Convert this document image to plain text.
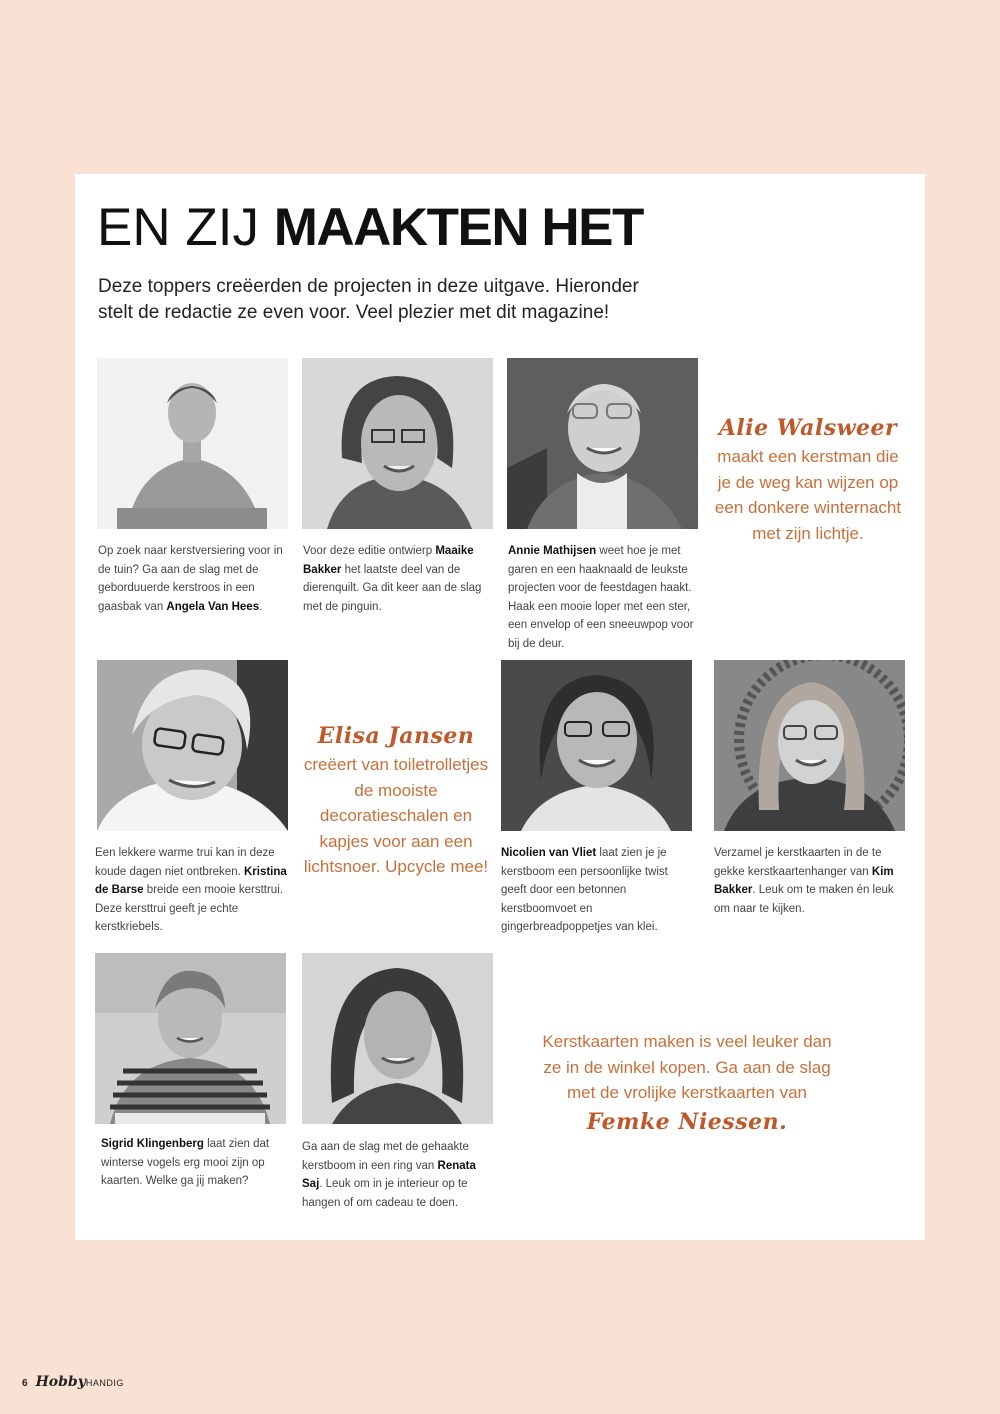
EN ZIJ MAAKTEN HET

Deze toppers creëerden de projecten in deze uitgave. Hieronder stelt de redactie ze even voor. Veel plezier met dit magazine!

Alie Walsweer
maakt een kerstman die je de weg kan wijzen op een donkere winternacht met zijn lichtje.

Op zoek naar kerstversiering voor in de tuin? Ga aan de slag met de geborduuerde kerstroos in een gaasbak van Angela Van Hees.

Voor deze editie ontwierp Maaike Bakker het laatste deel van de dierenquilt. Ga dit keer aan de slag met de pinguin.

Annie Mathijsen weet hoe je met garen en een haaknaald de leukste projecten voor de feestdagen haakt. Haak een mooie loper met een ster, een envelop of een sneeuwpop voor bij de deur.

Elisa Jansen
creëert van toiletrolletjes de mooiste decoratieschalen en kapjes voor aan een lichtsnoer. Upcycle mee!

Een lekkere warme trui kan in deze koude dagen niet ontbreken. Kristina de Barse breide een mooie kersttrui. Deze kersttrui geeft je echte kerstkriebels.

Nicolien van Vliet laat zien je je kerstboom een persoonlijke twist geeft door een betonnen kerstboomvoet en gingerbreadpoppetjes van klei.

Verzamel je kerstkaarten in de te gekke kerstkaartenhanger van Kim Bakker. Leuk om te maken én leuk om naar te kijken.

Sigrid Klingenberg laat zien dat winterse vogels erg mooi zijn op kaarten. Welke ga jij maken?

Ga aan de slag met de gehaakte kerstboom in een ring van Renata Saj. Leuk om in je interieur op te hangen of om cadeau te doen.

Kerstkaarten maken is veel leuker dan ze in de winkel kopen. Ga aan de slag met de vrolijke kerstkaarten van
Femke Niessen.
6 HobbyHANDIG
